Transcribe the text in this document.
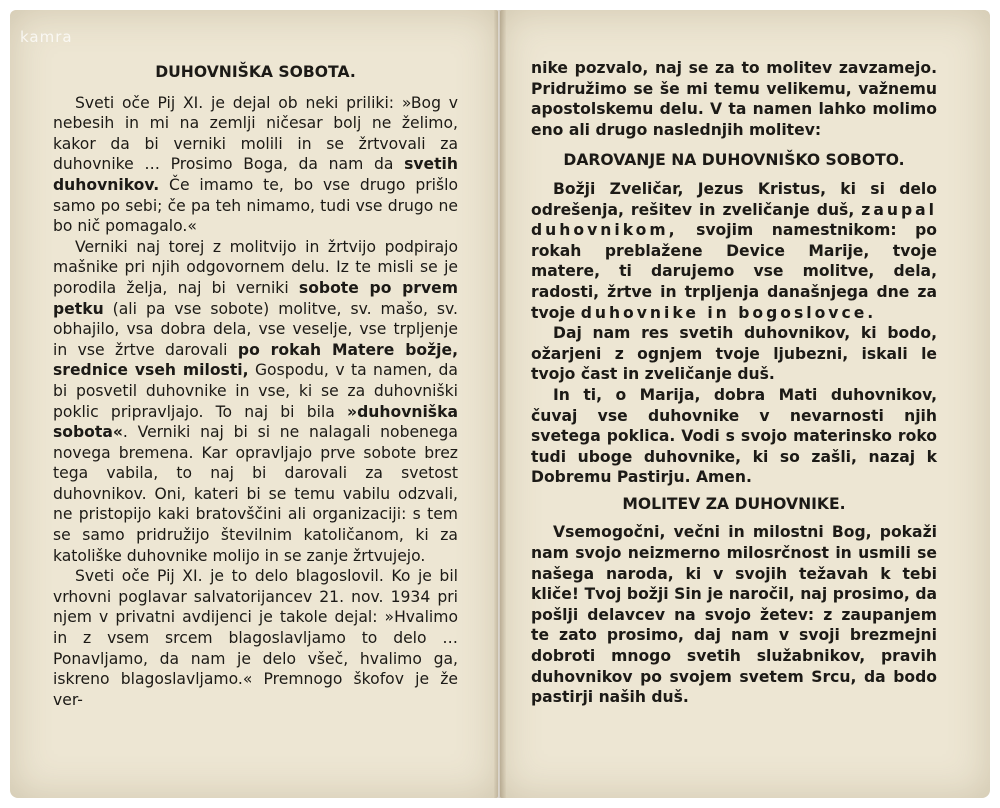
kamra
DUHOVNIŠKA SOBOTA.

Sveti oče Pij XI. je dejal ob neki priliki: »Bog v nebesih in mi na zemlji ničesar bolj ne želimo, kakor da bi verniki molili in se žrtvovali za duhovnike … Prosimo Boga, da nam da svetih duhovnikov. Če imamo te, bo vse drugo prišlo samo po sebi; če pa teh nimamo, tudi vse drugo ne bo nič pomagalo.«

Verniki naj torej z molitvijo in žrtvijo podpirajo mašnike pri njih odgovornem delu. Iz te misli se je porodila želja, naj bi verniki sobote po prvem petku (ali pa vse sobote) molitve, sv. mašo, sv. obhajilo, vsa dobra dela, vse veselje, vse trpljenje in vse žrtve darovali po rokah Matere božje, srednice vseh milosti, Gospodu, v ta namen, da bi posvetil duhovnike in vse, ki se za duhovniški poklic pripravljajo. To naj bi bila »duhovniška sobota«. Verniki naj bi si ne nalagali nobenega novega bremena. Kar opravljajo prve sobote brez tega vabila, to naj bi darovali za svetost duhovnikov. Oni, kateri bi se temu vabilu odzvali, ne pristopijo kaki bratovščini ali organizaciji: s tem se samo pridružijo številnim katoličanom, ki za katoliške duhovnike molijo in se zanje žrtvujejo.

Sveti oče Pij XI. je to delo blagoslovil. Ko je bil vrhovni poglavar salvatorijancev 21. nov. 1934 pri njem v privatni avdijenci je takole dejal: »Hvalimo in z vsem srcem blagoslavljamo to delo … Ponavljamo, da nam je delo všeč, hvalimo ga, iskreno blagoslavljamo.« Premnogo škofov je že ver-

nike pozvalo, naj se za to molitev zavzamejo. Pridružimo se še mi temu velikemu, važnemu apostolskemu delu. V ta namen lahko molimo eno ali drugo naslednjih molitev:

DAROVANJE NA DUHOVNIŠKO SOBOTO.

Božji Zveličar, Jezus Kristus, ki si delo odrešenja, rešitev in zveličanje duš, zaupal duhovnikom, svojim namestnikom: po rokah preblažene Device Marije, tvoje matere, ti darujemo vse molitve, dela, radosti, žrtve in trpljenja današnjega dne za tvoje duhovnike in bogoslovce.

Daj nam res svetih duhovnikov, ki bodo, ožarjeni z ognjem tvoje ljubezni, iskali le tvojo čast in zveličanje duš.

In ti, o Marija, dobra Mati duhovnikov, čuvaj vse duhovnike v nevarnosti njih svetega poklica. Vodi s svojo materinsko roko tudi uboge duhovnike, ki so zašli, nazaj k Dobremu Pastirju. Amen.

MOLITEV ZA DUHOVNIKE.

Vsemogočni, večni in milostni Bog, pokaži nam svojo neizmerno milosrčnost in usmili se našega naroda, ki v svojih težavah k tebi kliče! Tvoj božji Sin je naročil, naj prosimo, da pošlji delavcev na svojo žetev: z zaupanjem te zato prosimo, daj nam v svoji brezmejni dobroti mnogo svetih služabnikov, pravih duhovnikov po svojem svetem Srcu, da bodo pastirji naših duš.
